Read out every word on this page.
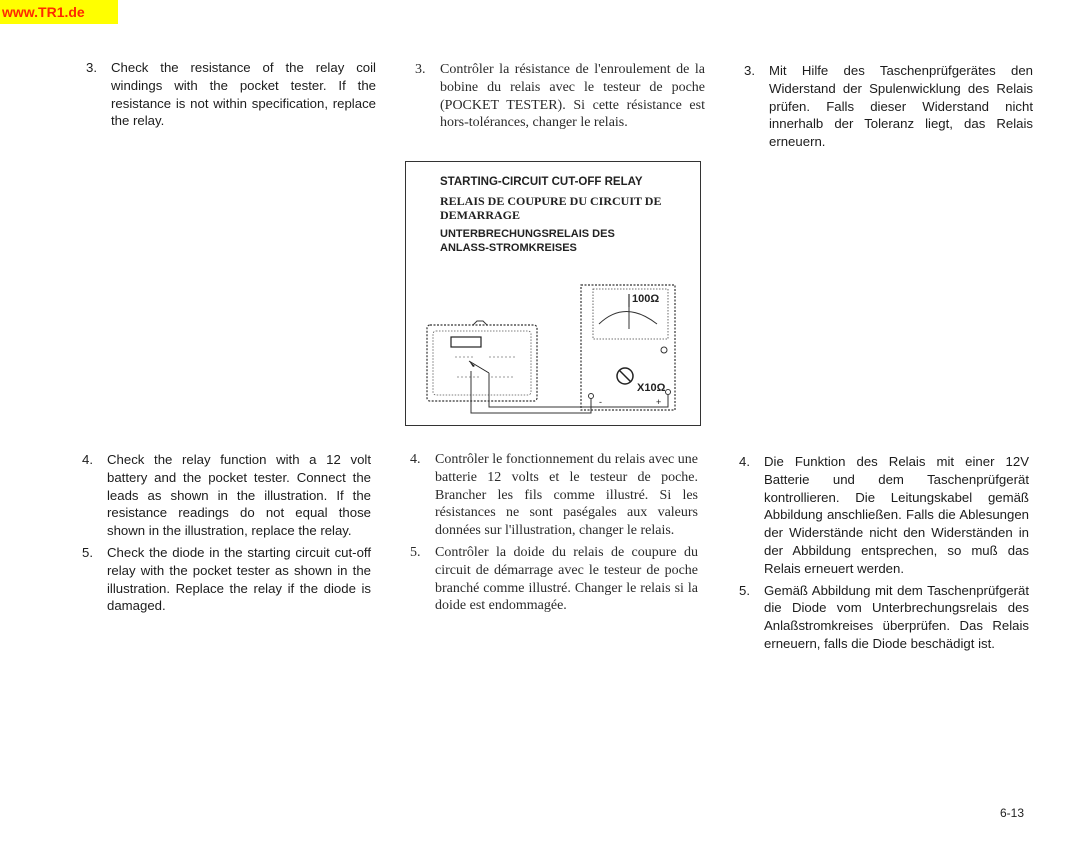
www.TR1.de
3.	Check the resistance of the relay coil windings with the pocket tester. If the resistance is not within specification, replace the relay.
4.	Check the relay function with a 12 volt battery and the pocket tester. Connect the leads as shown in the illustration. If the resistance readings do not equal those shown in the illustration, replace the relay.
5.	Check the diode in the starting circuit cut-off relay with the pocket tester as shown in the illustration. Replace the relay if the diode is damaged.
3.	Contrôler la résistance de l'enroulement de la bobine du relais avec le testeur de poche (POCKET TESTER). Si cette résistance est hors-tolérances, changer le relais.
4.	Contrôler le fonctionnement du relais avec une batterie 12 volts et le testeur de poche. Brancher les fils comme illustré. Si les résistances ne sont paségales aux valeurs données sur l'illustration, changer le relais.
5.	Contrôler la doide du relais de coupure du circuit de démarrage avec le testeur de poche branché comme illustré. Changer le relais si la doide est endommagée.
3.	Mit Hilfe des Taschenprüfgerätes den Widerstand der Spulenwicklung des Relais prüfen. Falls dieser Widerstand nicht innerhalb der Toleranz liegt, das Relais erneuern.
4.	Die Funktion des Relais mit einer 12V Batterie und dem Taschenprüfgerät kontrollieren. Die Leitungskabel gemäß Abbildung anschließen. Falls die Ablesungen der Widerstände nicht den Widerständen in der Abbildung entsprechen, so muß das Relais erneuert werden.
5.	Gemäß Abbildung mit dem Taschenprüfgerät die Diode vom Unterbrechungsrelais des Anlaßstromkreises überprüfen. Das Relais erneuern, falls die Diode beschädigt ist.
STARTING-CIRCUIT CUT-OFF RELAY
RELAIS DE COUPURE DU CIRCUIT DE DEMARRAGE
UNTERBRECHUNGSRELAIS DES ANLASS-STROMKREISES
100Ω
X10Ω
-	+
6-13
